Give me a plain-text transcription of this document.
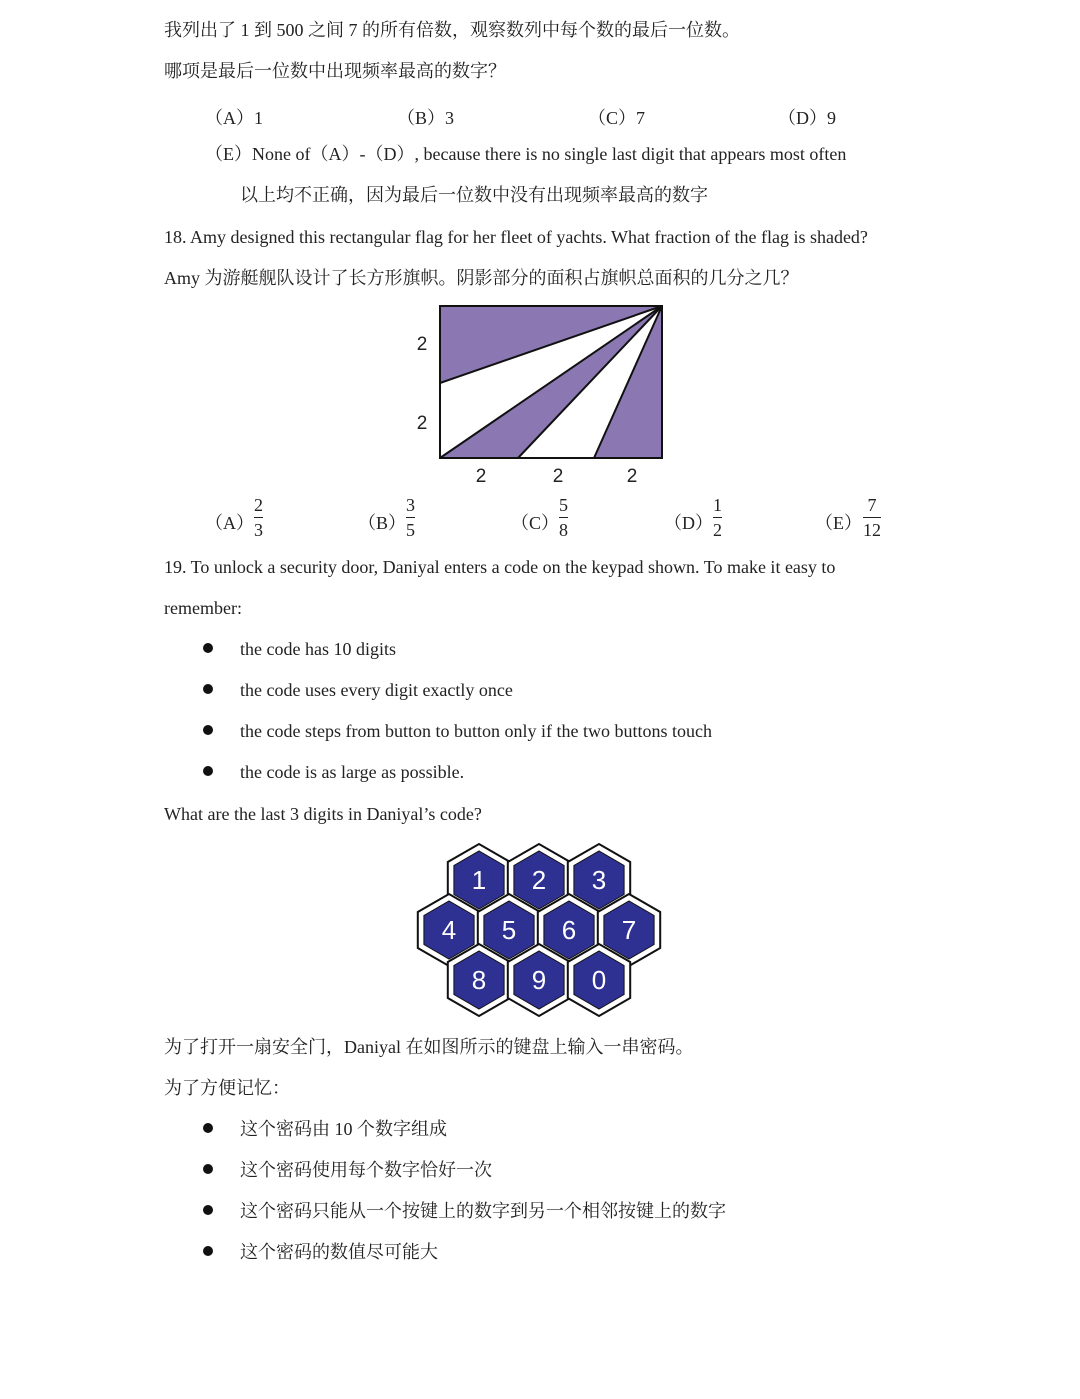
我列出了 1 到 500 之间 7 的所有倍数，观察数列中每个数的最后一位数。
哪项是最后一位数中出现频率最高的数字？
（A）1	（B）3	（C）7	（D）9
（E）None of（A）-（D）, because there is no single last digit that appears most often
以上均不正确，因为最后一位数中没有出现频率最高的数字
18. Amy designed this rectangular flag for her fleet of yachts. What fraction of the flag is shaded?
Amy 为游艇舰队设计了长方形旗帜。阴影部分的面积占旗帜总面积的几分之几？
2
2
2	2	2
（A）
2
3	（B）
3
5	（C）
5
8	（D）
1
2	（E）
7
12
19. To unlock a security door, Daniyal enters a code on the keypad shown. To make it easy to
remember:
the code has 10 digits
the code uses every digit exactly once
the code steps from button to button only if the two buttons touch
the code is as large as possible.
What are the last 3 digits in Daniyal’s code?
1 2 3
4 5 6 7
8 9 0
为了打开一扇安全门，Daniyal 在如图所示的键盘上输入一串密码。
为了方便记忆：
这个密码由 10 个数字组成
这个密码使用每个数字恰好一次
这个密码只能从一个按键上的数字到另一个相邻按键上的数字
这个密码的数值尽可能大
